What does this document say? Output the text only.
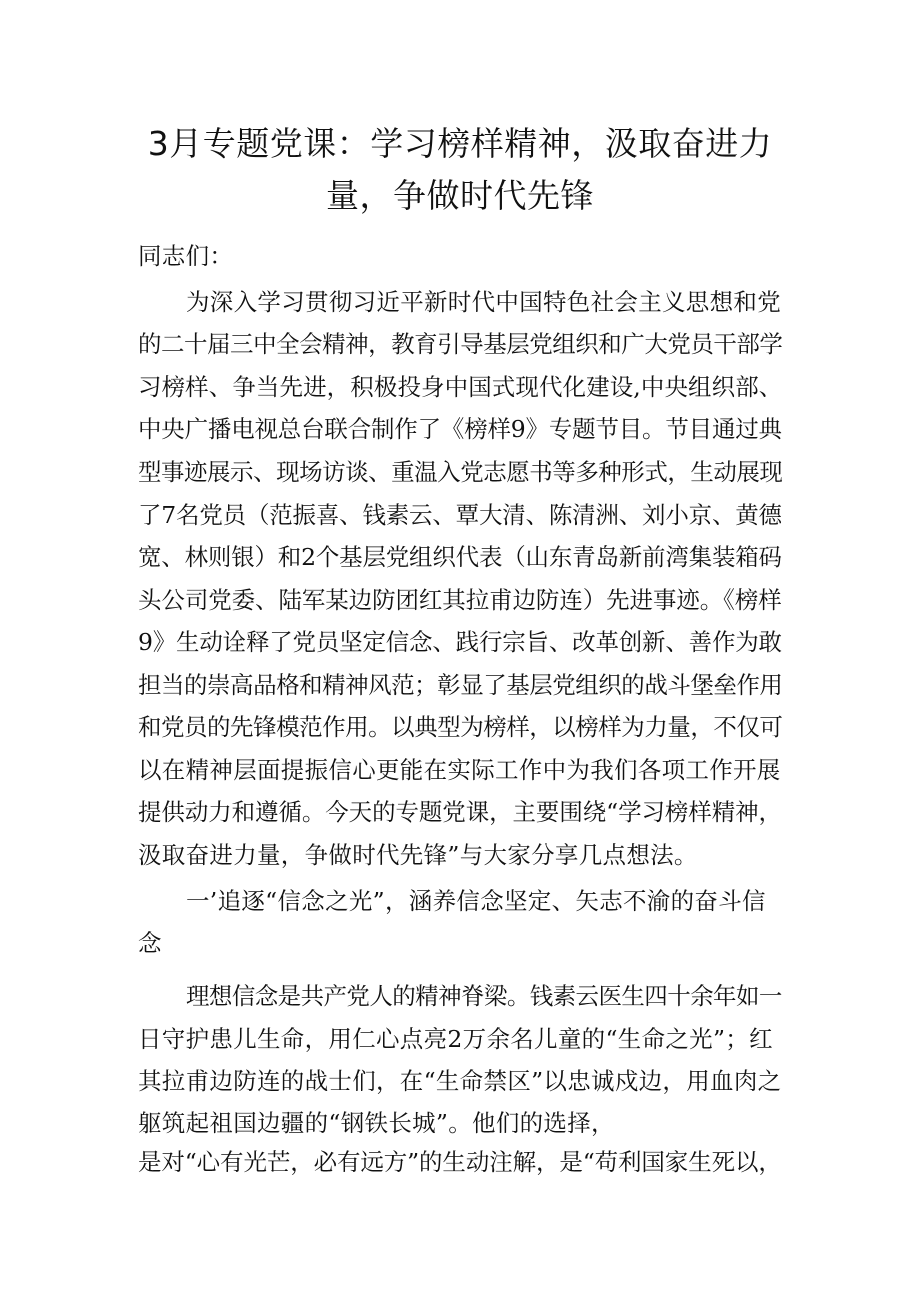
3月专题党课：学习榜样精神，汲取奋进力
量，争做时代先锋
同志们：
为深入学习贯彻习近平新时代中国特色社会主义思想和党
的二十届三中全会精神，教育引导基层党组织和广大党员干部学
习榜样、争当先进，积极投身中国式现代化建设,中央组织部、
中央广播电视总台联合制作了《榜样9》专题节目。节目通过典
型事迹展示、现场访谈、重温入党志愿书等多种形式，生动展现
了7名党员（范振喜、钱素云、覃大清、陈清洲、刘小京、黄德
宽、林则银）和2个基层党组织代表（山东青岛新前湾集装箱码
头公司党委、陆军某边防团红其拉甫边防连）先进事迹。《榜样
9》生动诠释了党员坚定信念、践行宗旨、改革创新、善作为敢
担当的崇高品格和精神风范；彰显了基层党组织的战斗堡垒作用
和党员的先锋模范作用。以典型为榜样，以榜样为力量，不仅可
以在精神层面提振信心更能在实际工作中为我们各项工作开展
提供动力和遵循。今天的专题党课，主要围绕“学习榜样精神，
汲取奋进力量，争做时代先锋”与大家分享几点想法。
一’追逐“信念之光”，涵养信念坚定、矢志不渝的奋斗信
念
理想信念是共产党人的精神脊梁。钱素云医生四十余年如一
日守护患儿生命，用仁心点亮2万余名儿童的“生命之光”；红
其拉甫边防连的战士们，在“生命禁区”以忠诚戍边，用血肉之
躯筑起祖国边疆的“钢铁长城”。他们的选择，
是对“心有光芒，必有远方”的生动注解，是“苟利国家生死以，
